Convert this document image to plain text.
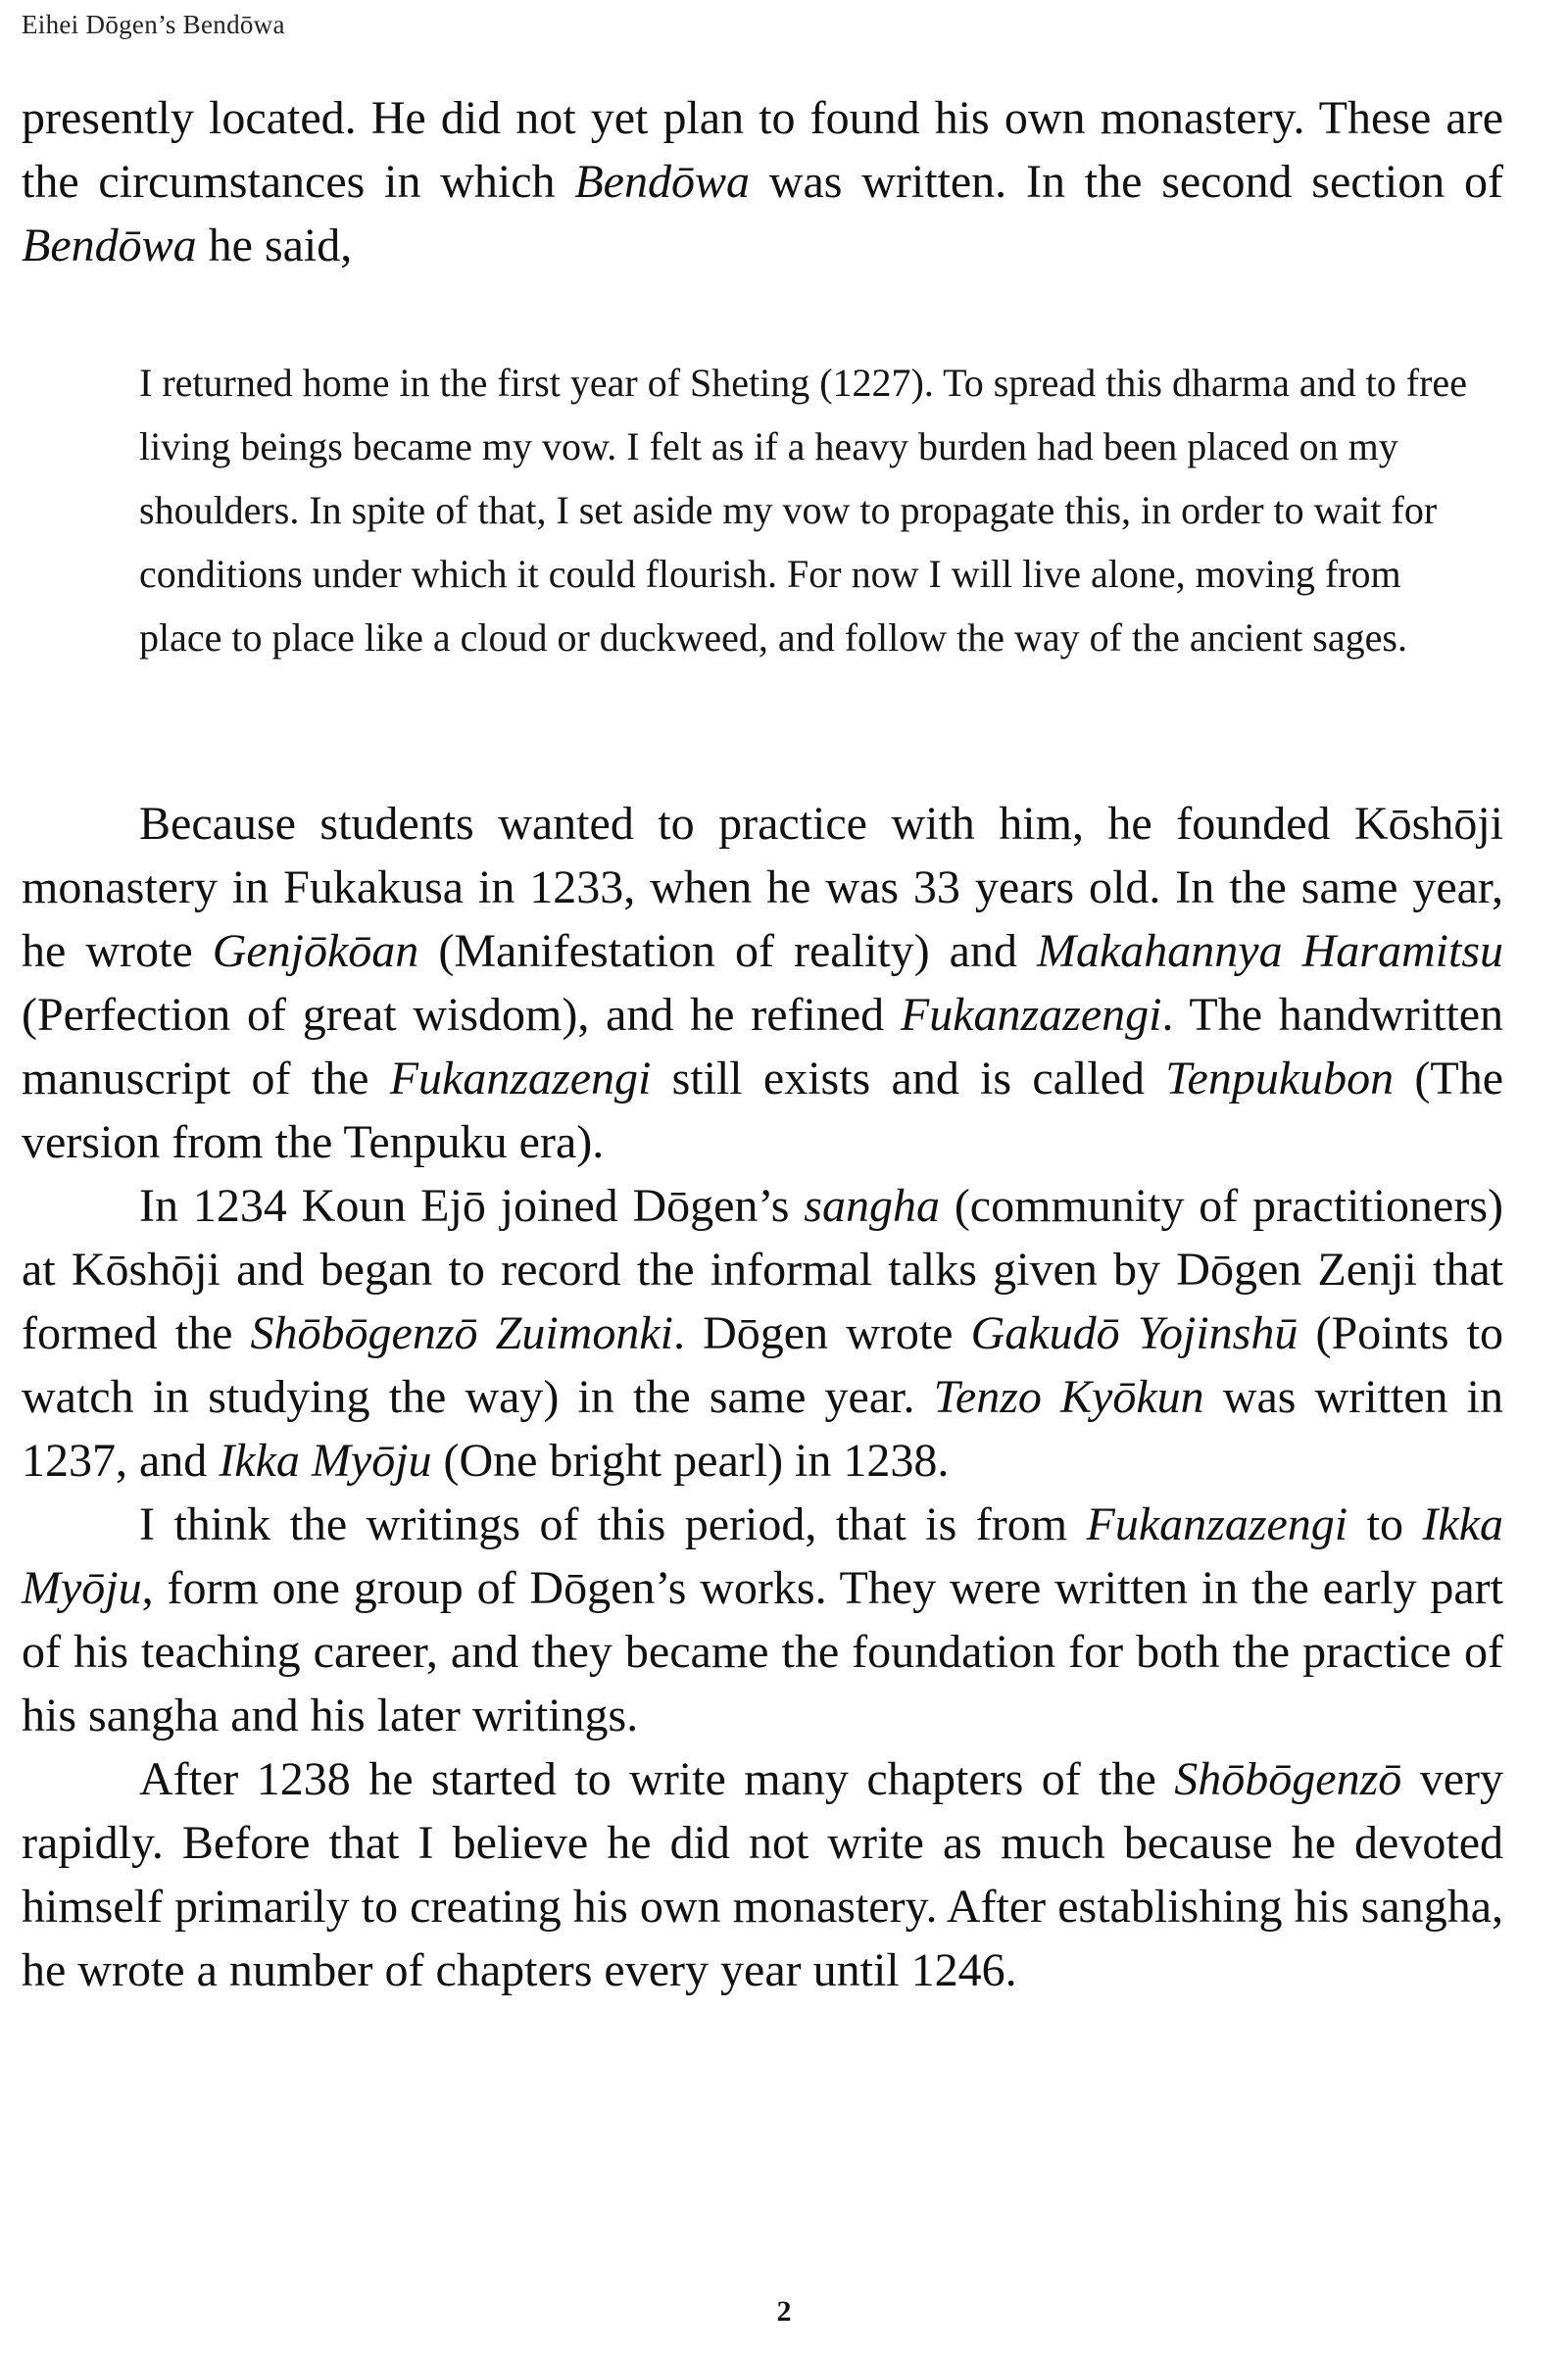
Eihei Dōgen’s Bendōwa

presently located. He did not yet plan to found his own monastery. These are the circumstances in which Bendōwa was written. In the second section of Bendōwa he said,

I returned home in the first year of Sheting (1227). To spread this dharma and to free living beings became my vow. I felt as if a heavy burden had been placed on my shoulders. In spite of that, I set aside my vow to propagate this, in order to wait for conditions under which it could flourish. For now I will live alone, moving from place to place like a cloud or duckweed, and follow the way of the ancient sages.

Because students wanted to practice with him, he founded Kōshōji monastery in Fukakusa in 1233, when he was 33 years old. In the same year, he wrote Genjōkōan (Manifestation of reality) and Makahannya Haramitsu (Perfection of great wisdom), and he refined Fukanzazengi. The handwritten manuscript of the Fukanzazengi still exists and is called Tenpukubon (The version from the Tenpuku era).

In 1234 Koun Ejō joined Dōgen’s sangha (community of practitioners) at Kōshōji and began to record the informal talks given by Dōgen Zenji that formed the Shōbōgenzō Zuimonki. Dōgen wrote Gakudō Yojinshū (Points to watch in studying the way) in the same year. Tenzo Kyōkun was written in 1237, and Ikka Myōju (One bright pearl) in 1238.

I think the writings of this period, that is from Fukanzazengi to Ikka Myōju, form one group of Dōgen’s works. They were written in the early part of his teaching career, and they became the foundation for both the practice of his sangha and his later writings.

After 1238 he started to write many chapters of the Shōbōgenzō very rapidly. Before that I believe he did not write as much because he devoted himself primarily to creating his own monastery. After establishing his sangha, he wrote a number of chapters every year until 1246.

2
